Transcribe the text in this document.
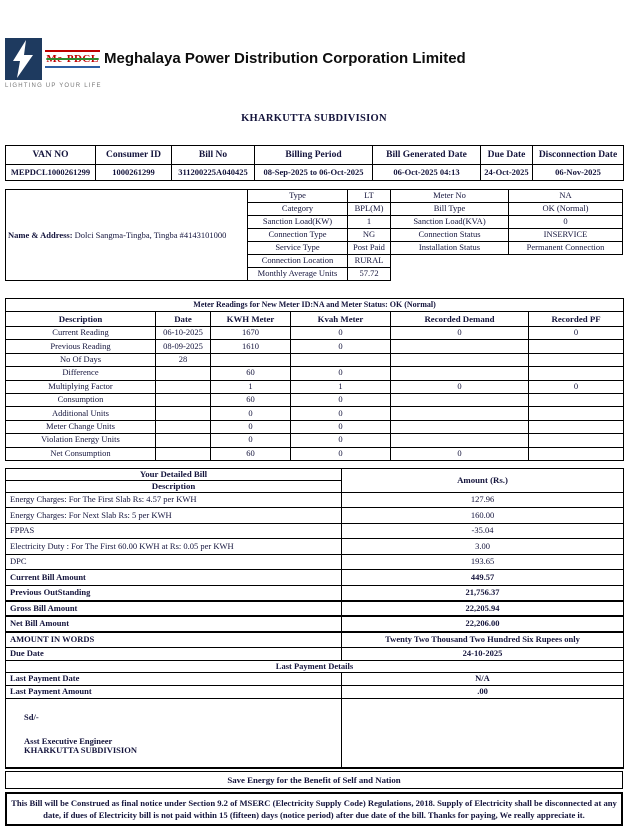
Me-PDCL
LIGHTING UP YOUR LIFE
Meghalaya Power Distribution Corporation Limited
KHARKUTTA SUBDIVISION
VAN NO	Consumer ID	Bill No	Billing Period	Bill Generated Date	Due Date	Disconnection Date
MEPDCL1000261299	1000261299	311200225A040425	08-Sep-2025 to 06-Oct-2025	06-Oct-2025 04:13	24-Oct-2025	06-Nov-2025
Name & Address: Dolci Sangma-Tingba, Tingba #4143101000
Type	LT	Meter No	NA
Category	BPL(M)	Bill Type	OK (Normal)
Sanction Load(KW)	1	Sanction Load(KVA)	0
Connection Type	NG	Connection Status	INSERVICE
Service Type	Post Paid	Installation Status	Permanent Connection
Connection Location	RURAL		
Monthly Average Units	57.72		
Meter Readings for New Meter ID:NA and Meter Status: OK (Normal)					
Description	Date	KWH Meter	Kvah Meter	Recorded Demand	Recorded PF
Current Reading	06-10-2025	1670	0	0	0
Previous Reading	08-09-2025	1610	0		
No Of Days	28				
Difference		60	0		
Multiplying Factor		1	1	0	0
Consumption		60	0		
Additional Units		0	0		
Meter Change Units		0	0		
Violation Energy Units		0	0		
Net Consumption		60	0	0	
Your Detailed Bill	Amount (Rs.)
Description	
Energy Charges: For The First Slab Rs: 4.57 per KWH	127.96
Energy Charges: For Next Slab Rs: 5 per KWH	160.00
FPPAS	-35.04
Electricity Duty : For The First 60.00 KWH at Rs: 0.05 per KWH	3.00
DPC	193.65
Current Bill Amount	449.57
Previous OutStanding	21,756.37
Gross Bill Amount	22,205.94
Net Bill Amount	22,206.00
AMOUNT IN WORDS	Twenty Two Thousand Two Hundred Six Rupees only
Due Date	24-10-2025
Last Payment Details	
Last Payment Date	N/A
Last Payment Amount	.00

Sd/-
Asst Executive Engineer
KHARKUTTA SUBDIVISION	

Save Energy for the Benefit of Self and Nation
This Bill will be Construed as final notice under Section 9.2 of MSERC (Electricity Supply Code) Regulations, 2018. Supply of Electricity shall be disconnected at any date, if dues of Electricity bill is not paid within 15 (fifteen) days (notice period) after due date of the bill. Thanks for paying, We really appreciate it.
